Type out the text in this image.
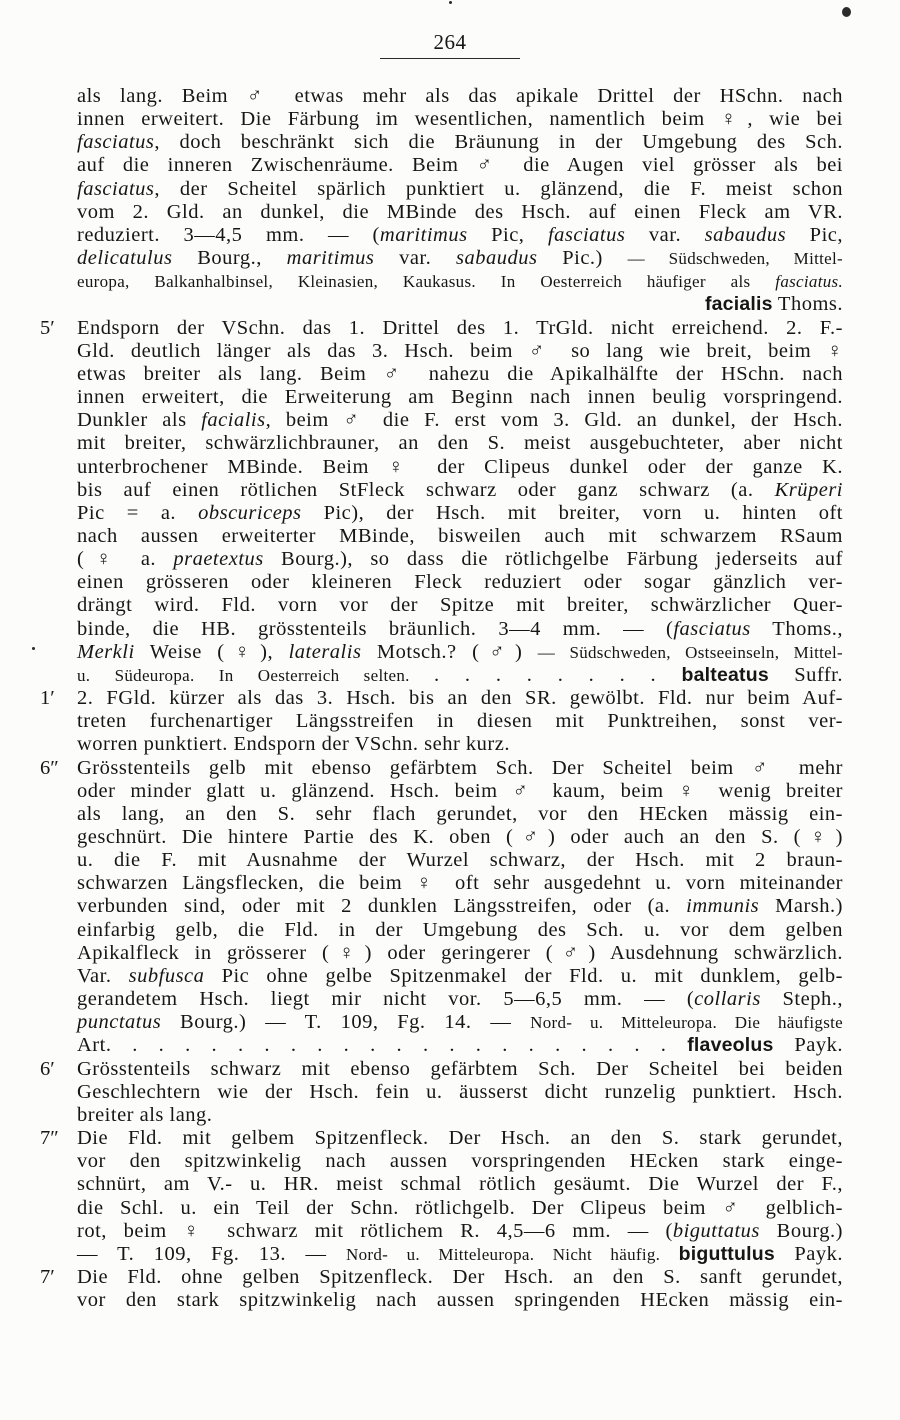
264
als lang. Beim ♂ etwas mehr als das apikale Drittel der HSchn. nach
innen erweitert. Die Färbung im wesentlichen, namentlich beim ♀, wie bei
fasciatus, doch beschränkt sich die Bräunung in der Umgebung des Sch.
auf die inneren Zwischenräume. Beim ♂ die Augen viel grösser als bei
fasciatus, der Scheitel spärlich punktiert u. glänzend, die F. meist schon
vom 2. Gld. an dunkel, die MBinde des Hsch. auf einen Fleck am VR.
reduziert. 3—4,5 mm. — (maritimus Pic, fasciatus var. sabaudus Pic,
delicatulus Bourg., maritimus var. sabaudus Pic.) — Südschweden, Mittel-
europa, Balkanhalbinsel, Kleinasien, Kaukasus. In Oesterreich häufiger als fasciatus.
facialis Thoms.
5′ Endsporn der VSchn. das 1. Drittel des 1. TrGld. nicht erreichend. 2. F.-
Gld. deutlich länger als das 3. Hsch. beim ♂ so lang wie breit, beim ♀
etwas breiter als lang. Beim ♂ nahezu die Apikalhälfte der HSchn. nach
innen erweitert, die Erweiterung am Beginn nach innen beulig vorspringend.
Dunkler als facialis, beim ♂ die F. erst vom 3. Gld. an dunkel, der Hsch.
mit breiter, schwärzlichbrauner, an den S. meist ausgebuchteter, aber nicht
unterbrochener MBinde. Beim ♀ der Clipeus dunkel oder der ganze K.
bis auf einen rötlichen StFleck schwarz oder ganz schwarz (a. Krüperi
Pic = a. obscuriceps Pic), der Hsch. mit breiter, vorn u. hinten oft
nach aussen erweiterter MBinde, bisweilen auch mit schwarzem RSaum
(♀ a. praetextus Bourg.), so dass die rötlichgelbe Färbung jederseits auf
einen grösseren oder kleineren Fleck reduziert oder sogar gänzlich ver-
drängt wird. Fld. vorn vor der Spitze mit breiter, schwärzlicher Quer-
binde, die HB. grösstenteils bräunlich. 3—4 mm. — (fasciatus Thoms.,
Merkli Weise (♀), lateralis Motsch.? (♂) — Südschweden, Ostseeinseln, Mittel-
u. Südeuropa. In Oesterreich selten. . . . . . . . . balteatus Suffr.
1′ 2. FGld. kürzer als das 3. Hsch. bis an den SR. gewölbt. Fld. nur beim Auf-
treten furchenartiger Längsstreifen in diesen mit Punktreihen, sonst ver-
worren punktiert. Endsporn der VSchn. sehr kurz.
6″ Grösstenteils gelb mit ebenso gefärbtem Sch. Der Scheitel beim ♂ mehr
oder minder glatt u. glänzend. Hsch. beim ♂ kaum, beim ♀ wenig breiter
als lang, an den S. sehr flach gerundet, vor den HEcken mässig ein-
geschnürt. Die hintere Partie des K. oben (♂) oder auch an den S. (♀)
u. die F. mit Ausnahme der Wurzel schwarz, der Hsch. mit 2 braun-
schwarzen Längsflecken, die beim ♀ oft sehr ausgedehnt u. vorn miteinander
verbunden sind, oder mit 2 dunklen Längsstreifen, oder (a. immunis Marsh.)
einfarbig gelb, die Fld. in der Umgebung des Sch. u. vor dem gelben
Apikalfleck in grösserer (♀) oder geringerer (♂) Ausdehnung schwärzlich.
Var. subfusca Pic ohne gelbe Spitzenmakel der Fld. u. mit dunklem, gelb-
gerandetem Hsch. liegt mir nicht vor. 5—6,5 mm. — (collaris Steph.,
punctatus Bourg.) — T. 109, Fg. 14. — Nord- u. Mitteleuropa. Die häufigste
Art. . . . . . . . . . . . . . . . . . . . . . flaveolus Payk.
6′ Grösstenteils schwarz mit ebenso gefärbtem Sch. Der Scheitel bei beiden
Geschlechtern wie der Hsch. fein u. äusserst dicht runzelig punktiert. Hsch.
breiter als lang.
7″ Die Fld. mit gelbem Spitzenfleck. Der Hsch. an den S. stark gerundet,
vor den spitzwinkelig nach aussen vorspringenden HEcken stark einge-
schnürt, am V.- u. HR. meist schmal rötlich gesäumt. Die Wurzel der F.,
die Schl. u. ein Teil der Schn. rötlichgelb. Der Clipeus beim ♂ gelblich-
rot, beim ♀ schwarz mit rötlichem R. 4,5—6 mm. — (biguttatus Bourg.)
— T. 109, Fg. 13. — Nord- u. Mitteleuropa. Nicht häufig. biguttulus Payk.
7′ Die Fld. ohne gelben Spitzenfleck. Der Hsch. an den S. sanft gerundet,
vor den stark spitzwinkelig nach aussen springenden HEcken mässig ein-
